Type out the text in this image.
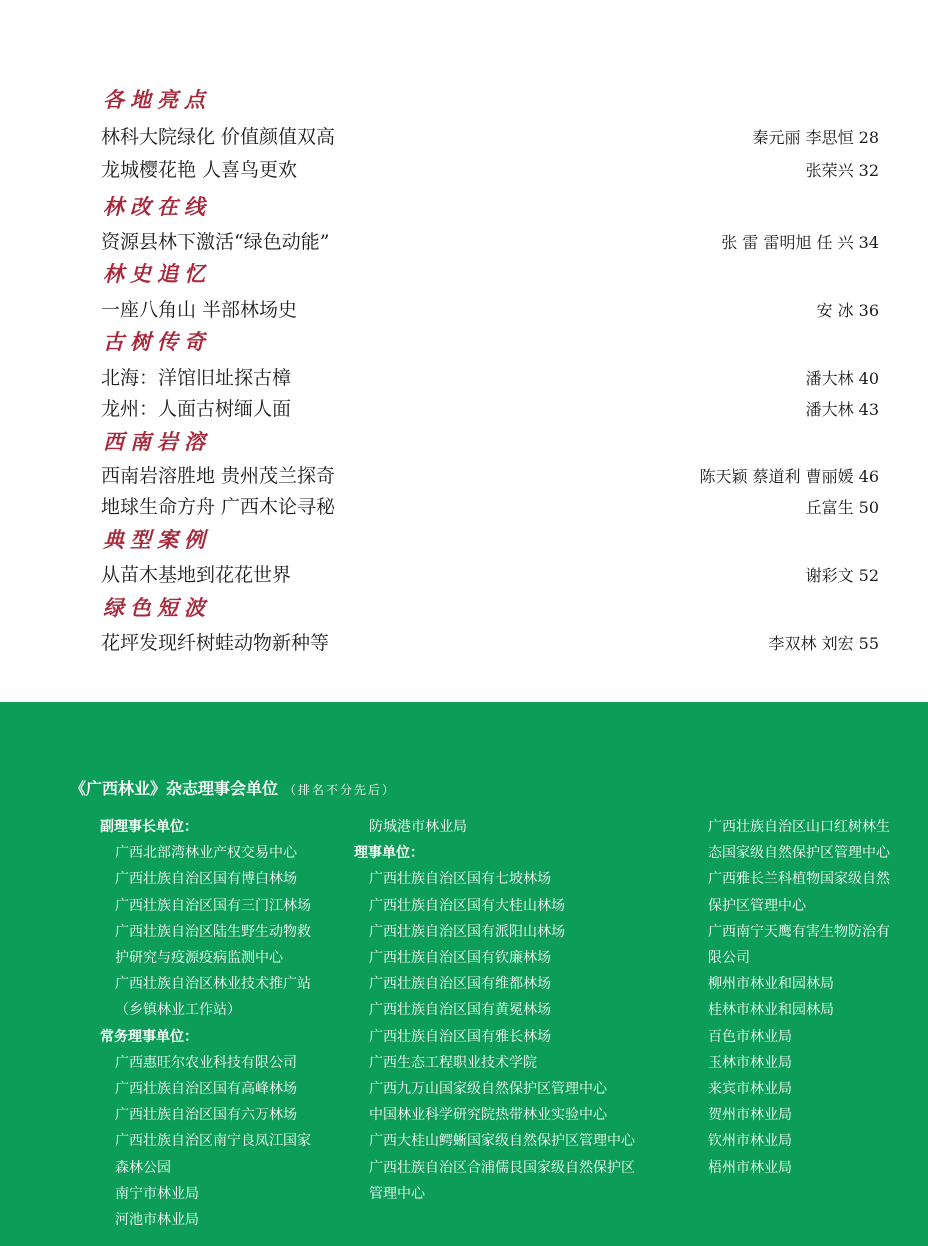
各地亮点
林科大院绿化 价值颜值双高	秦元丽 李思恒 28
龙城樱花艳 人喜鸟更欢	张荣兴 32
林改在线
资源县林下激活“绿色动能”	张 雷 雷明旭 任 兴 34
林史追忆
一座八角山 半部林场史	安 冰 36
古树传奇
北海：洋馆旧址探古樟	潘大林 40
龙州：人面古树缅人面	潘大林 43
西南岩溶
西南岩溶胜地 贵州茂兰探奇	陈天颖 蔡道利 曹丽媛 46
地球生命方舟 广西木论寻秘	丘富生 50
典型案例
从苗木基地到花花世界	谢彩文 52
绿色短波
花坪发现纤树蛙动物新种等	李双林 刘宏 55
《广西林业》杂志理事会单位 （排名不分先后）
副理事长单位：
广西北部湾林业产权交易中心
广西壮族自治区国有博白林场
广西壮族自治区国有三门江林场
广西壮族自治区陆生野生动物救
护研究与疫源疫病监测中心
广西壮族自治区林业技术推广站
（乡镇林业工作站）
常务理事单位：
广西惠旺尔农业科技有限公司
广西壮族自治区国有高峰林场
广西壮族自治区国有六万林场
广西壮族自治区南宁良凤江国家
森林公园
南宁市林业局
河池市林业局
防城港市林业局
理事单位：
广西壮族自治区国有七坡林场
广西壮族自治区国有大桂山林场
广西壮族自治区国有派阳山林场
广西壮族自治区国有钦廉林场
广西壮族自治区国有维都林场
广西壮族自治区国有黄冕林场
广西壮族自治区国有雅长林场
广西生态工程职业技术学院
广西九万山国家级自然保护区管理中心
中国林业科学研究院热带林业实验中心
广西大桂山鳄蜥国家级自然保护区管理中心
广西壮族自治区合浦儒艮国家级自然保护区
管理中心
广西壮族自治区山口红树林生
态国家级自然保护区管理中心
广西雅长兰科植物国家级自然
保护区管理中心
广西南宁天鹰有害生物防治有
限公司
柳州市林业和园林局
桂林市林业和园林局
百色市林业局
玉林市林业局
来宾市林业局
贺州市林业局
钦州市林业局
梧州市林业局
